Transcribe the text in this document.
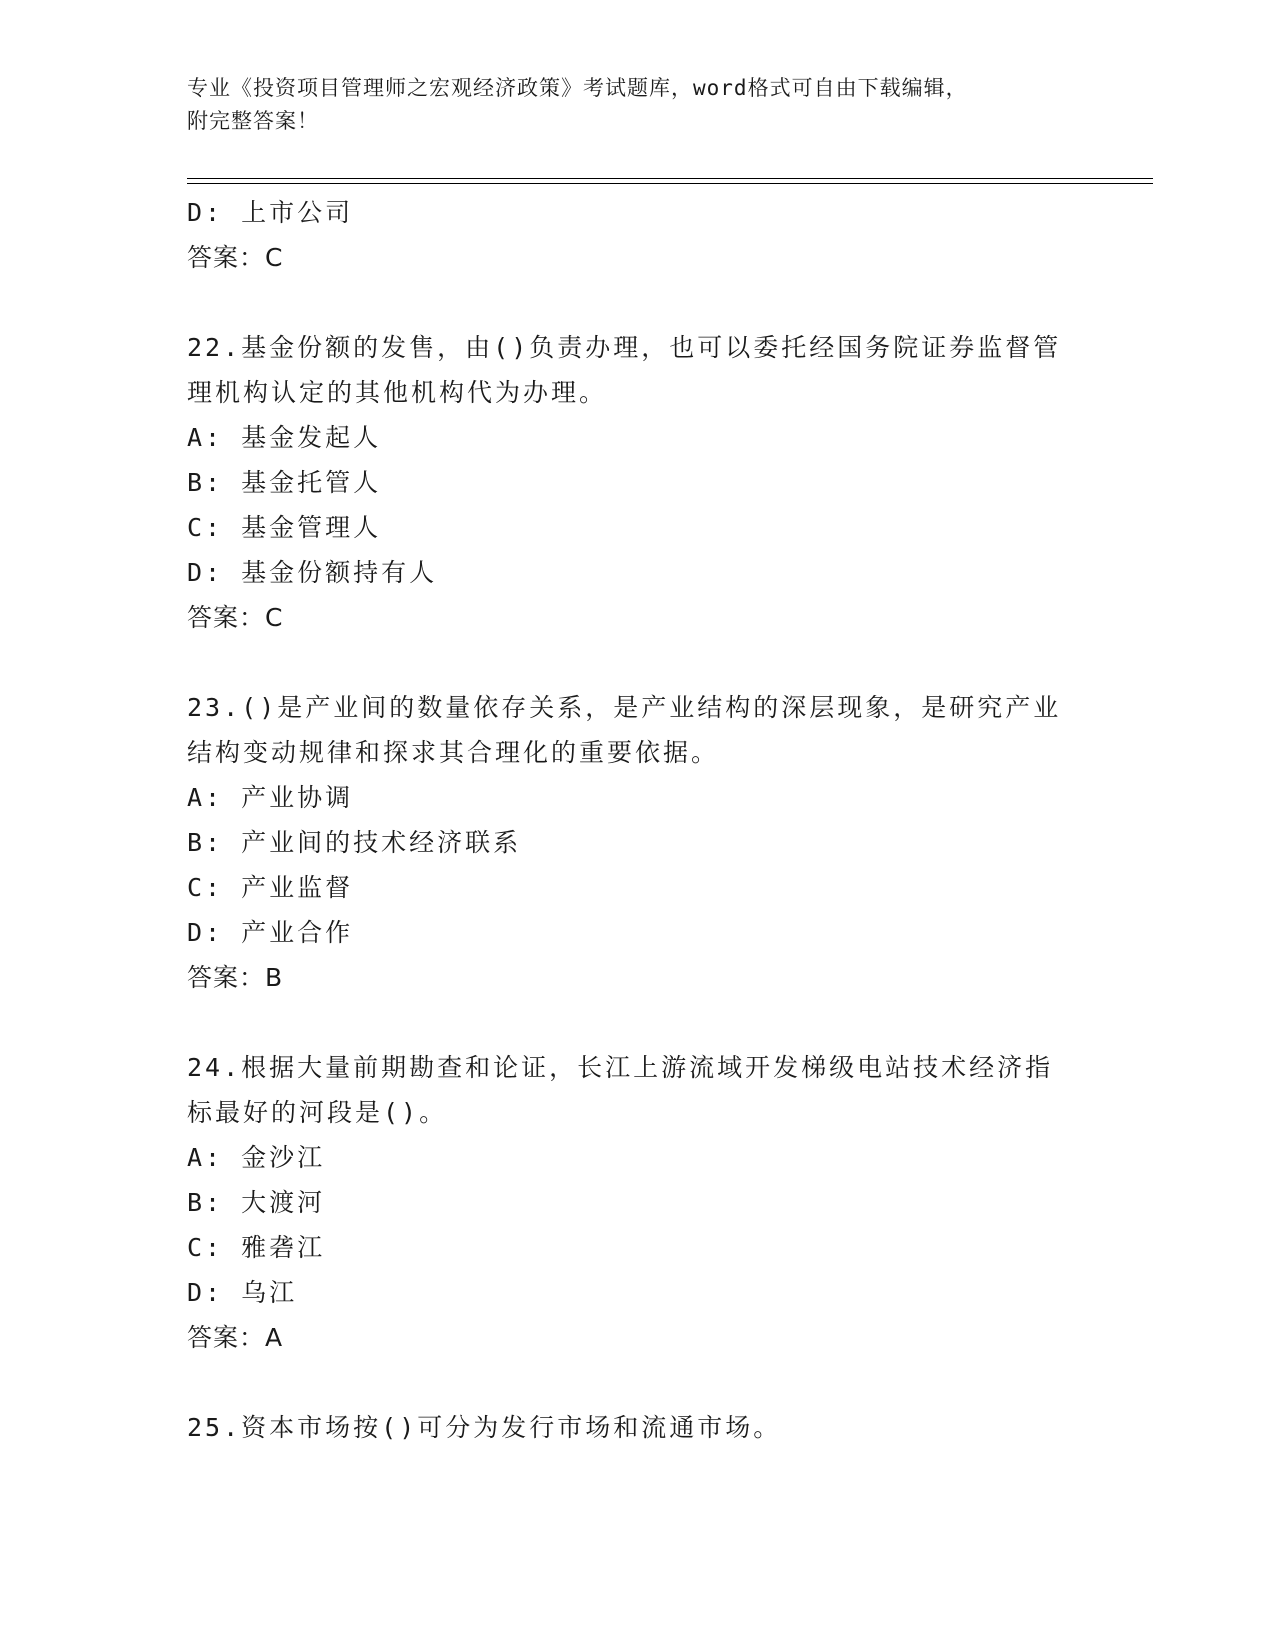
专业《投资项目管理师之宏观经济政策》考试题库，word格式可自由下载编辑，
附完整答案！
D: 上市公司
答案：C
22.基金份额的发售，由()负责办理，也可以委托经国务院证券监督管
理机构认定的其他机构代为办理。
A: 基金发起人
B: 基金托管人
C: 基金管理人
D: 基金份额持有人
答案：C
23.()是产业间的数量依存关系，是产业结构的深层现象，是研究产业
结构变动规律和探求其合理化的重要依据。
A: 产业协调
B: 产业间的技术经济联系
C: 产业监督
D: 产业合作
答案：B
24.根据大量前期勘查和论证，长江上游流域开发梯级电站技术经济指
标最好的河段是()。
A: 金沙江
B: 大渡河
C: 雅砻江
D: 乌江
答案：A
25.资本市场按()可分为发行市场和流通市场。
